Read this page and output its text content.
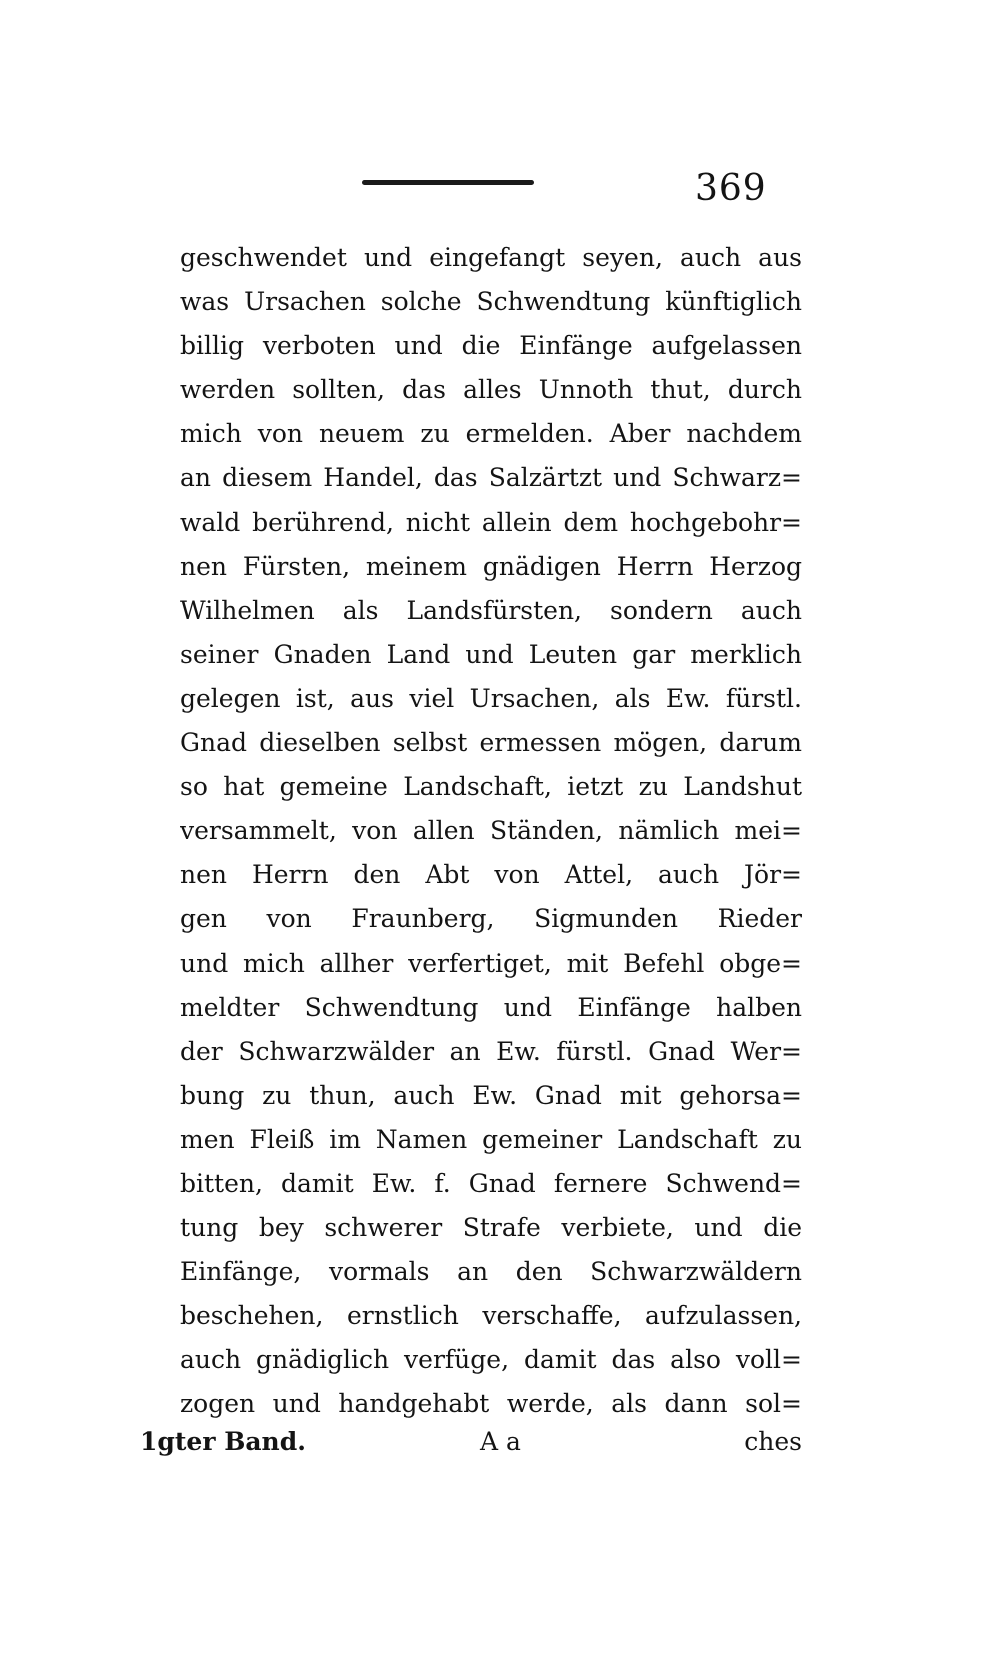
369
geschwendet und eingefangt seyen, auch aus
was Ursachen solche Schwendtung künftiglich
billig verboten und die Einfänge aufgelassen
werden sollten, das alles Unnoth thut, durch
mich von neuem zu ermelden. Aber nachdem
an diesem Handel, das Salzärtzt und Schwarz=
wald berührend, nicht allein dem hochgebohr=
nen Fürsten, meinem gnädigen Herrn Herzog
Wilhelmen als Landsfürsten, sondern auch
seiner Gnaden Land und Leuten gar merklich
gelegen ist, aus viel Ursachen, als Ew. fürstl.
Gnad dieselben selbst ermessen mögen, darum
so hat gemeine Landschaft, ietzt zu Landshut
versammelt, von allen Ständen, nämlich mei=
nen Herrn den Abt von Attel, auch Jör=
gen von Fraunberg, Sigmunden Rieder
und mich allher verfertiget, mit Befehl obge=
meldter Schwendtung und Einfänge halben
der Schwarzwälder an Ew. fürstl. Gnad Wer=
bung zu thun, auch Ew. Gnad mit gehorsa=
men Fleiß im Namen gemeiner Landschaft zu
bitten, damit Ew. f. Gnad fernere Schwend=
tung bey schwerer Strafe verbiete, und die
Einfänge, vormals an den Schwarzwäldern
beschehen, ernstlich verschaffe, aufzulassen,
auch gnädiglich verfüge, damit das also voll=
zogen und handgehabt werde, als dann sol=
1gter Band.	A a	ches
